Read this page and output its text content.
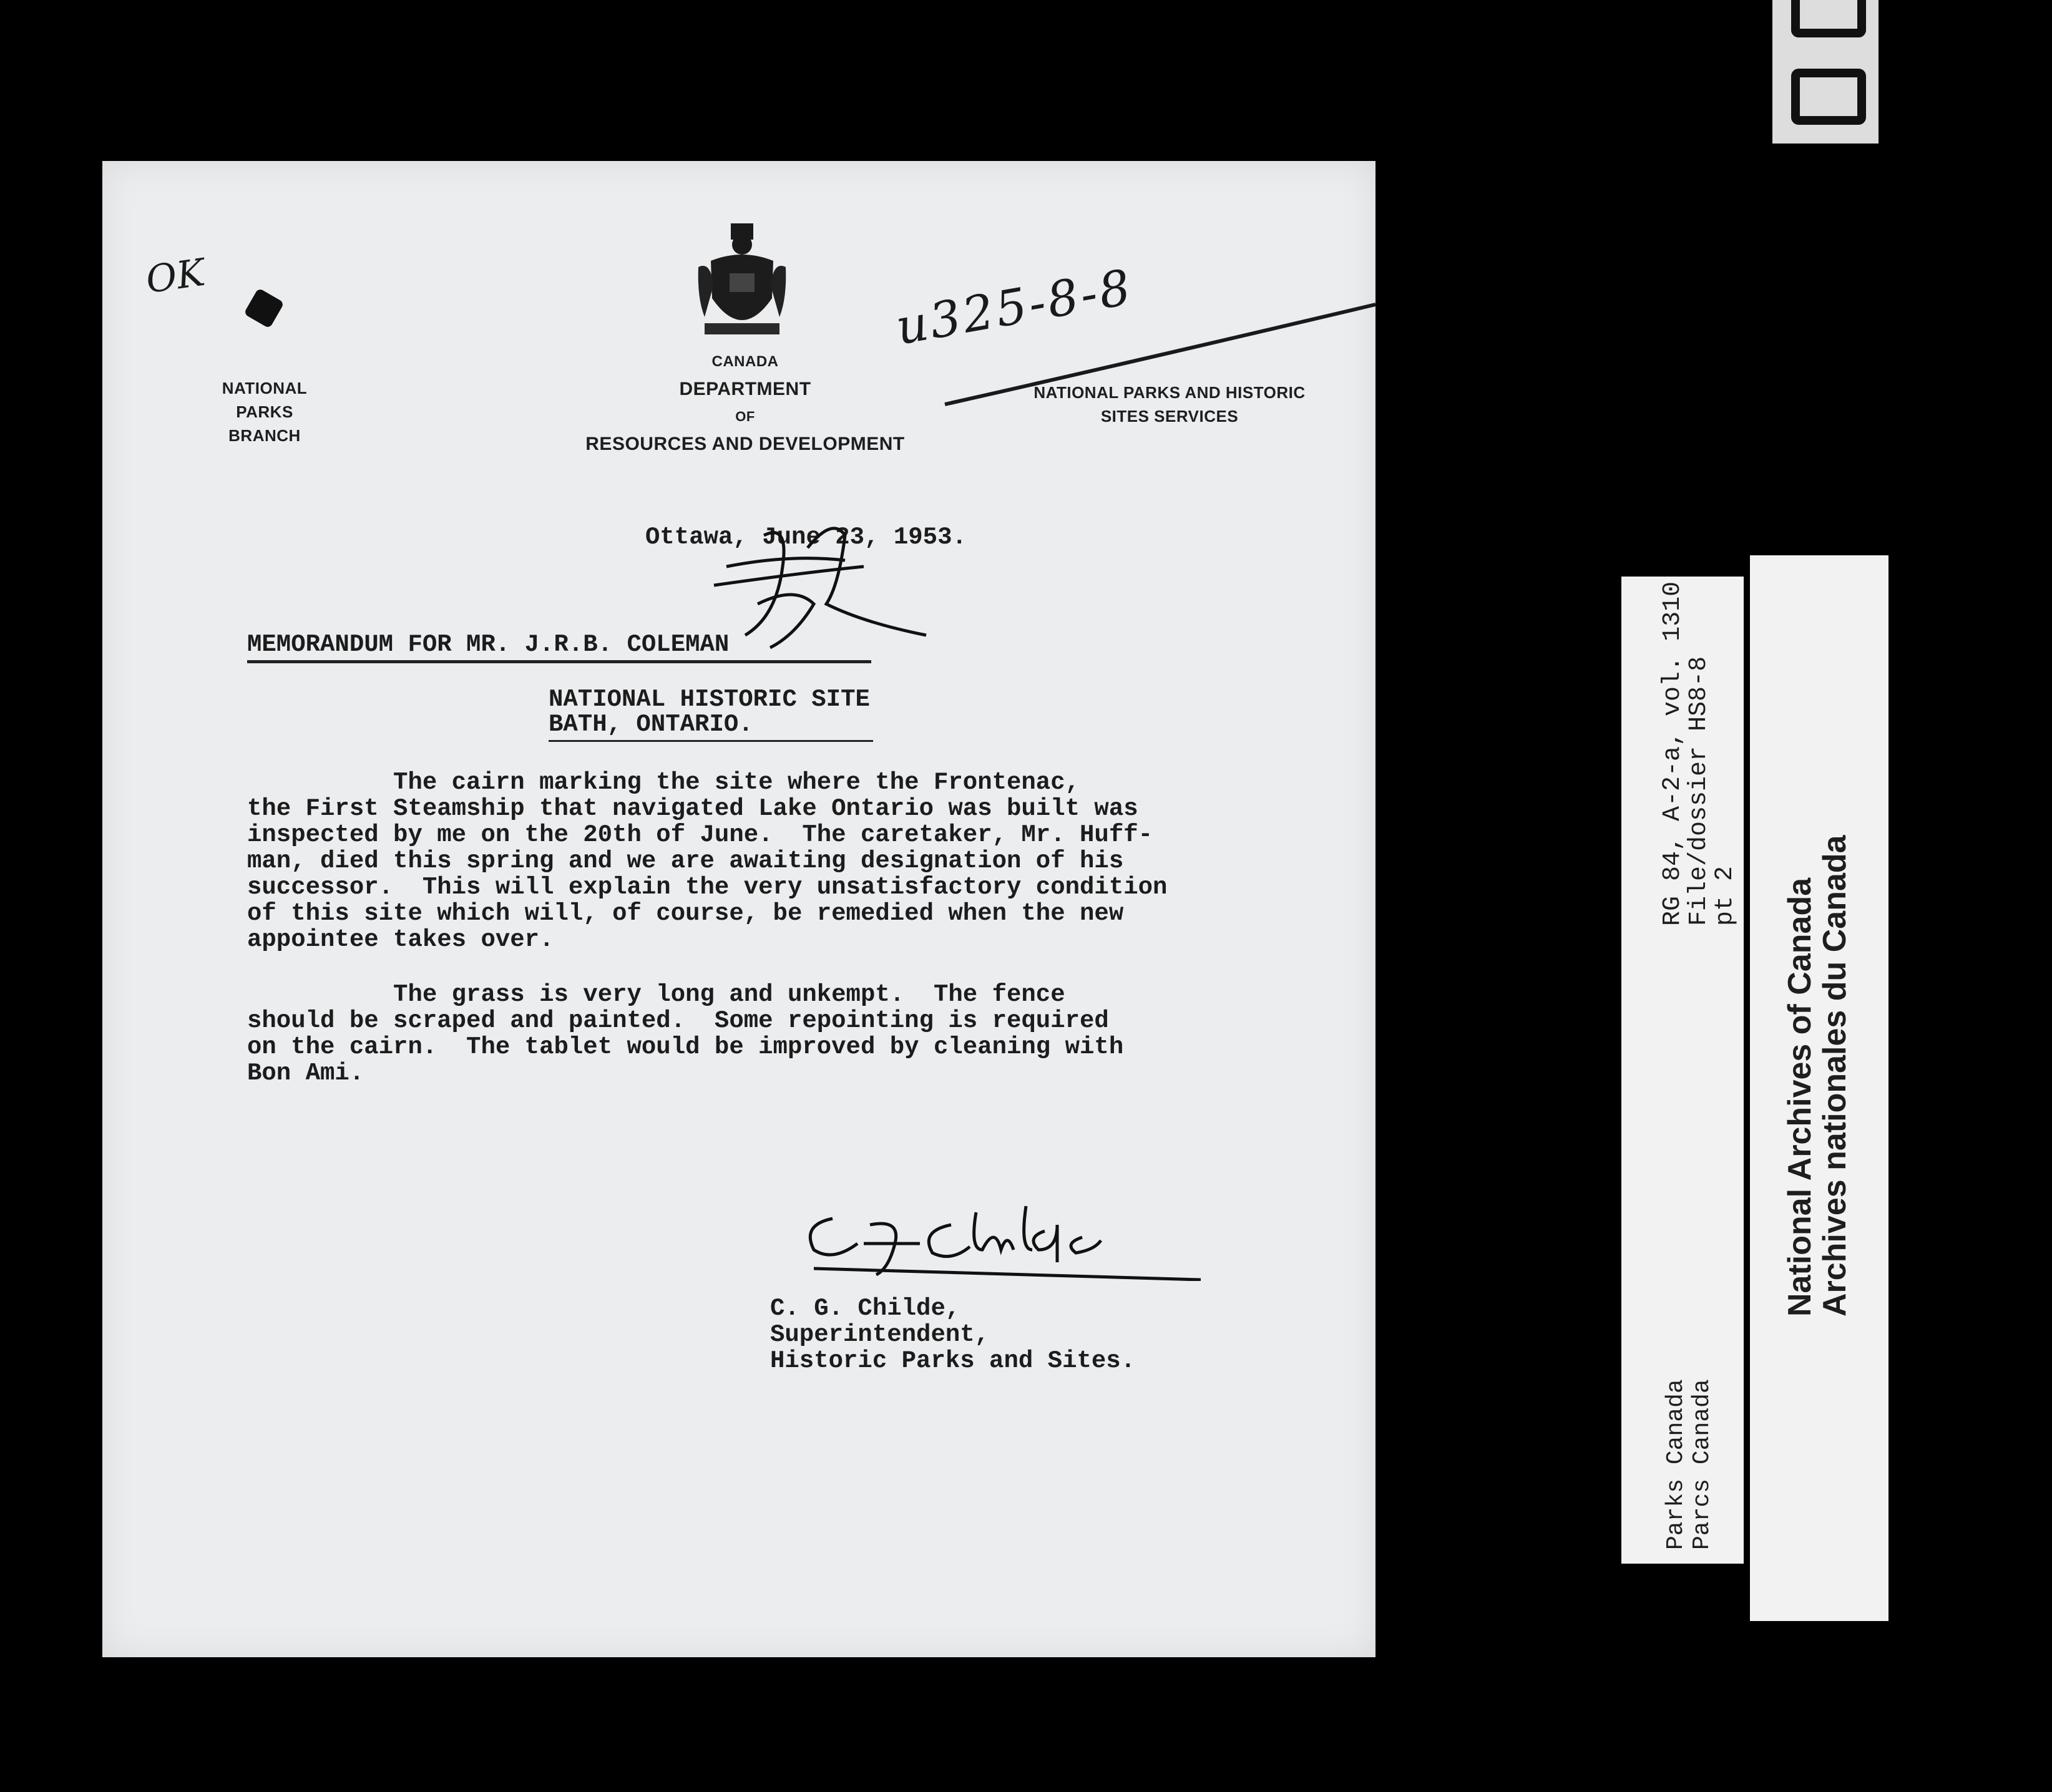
OK
NATIONAL PARKS
BRANCH
CANADA
DEPARTMENT
OF
RESOURCES AND DEVELOPMENT
NATIONAL PARKS AND HISTORIC
SITES SERVICES
u325-8-8
Ottawa, June 23, 1953.
MEMORANDUM FOR MR. J.R.B. COLEMAN
NATIONAL HISTORIC SITE
BATH, ONTARIO.
The cairn marking the site where the Frontenac,
the First Steamship that navigated Lake Ontario was built was
inspected by me on the 20th of June.  The caretaker, Mr. Huff-
man, died this spring and we are awaiting designation of his
successor.  This will explain the very unsatisfactory condition
of this site which will, of course, be remedied when the new
appointee takes over.
The grass is very long and unkempt.  The fence
should be scraped and painted.  Some repointing is required
on the cairn.  The tablet would be improved by cleaning with
Bon Ami.
C. G. Childe,
Superintendent,
Historic Parks and Sites.
RG 84, A-2-a, vol. 1310
File/dossier HS8-8
pt 2
Parks Canada Parcs Canada
National Archives of Canada
Archives nationales du Canada
